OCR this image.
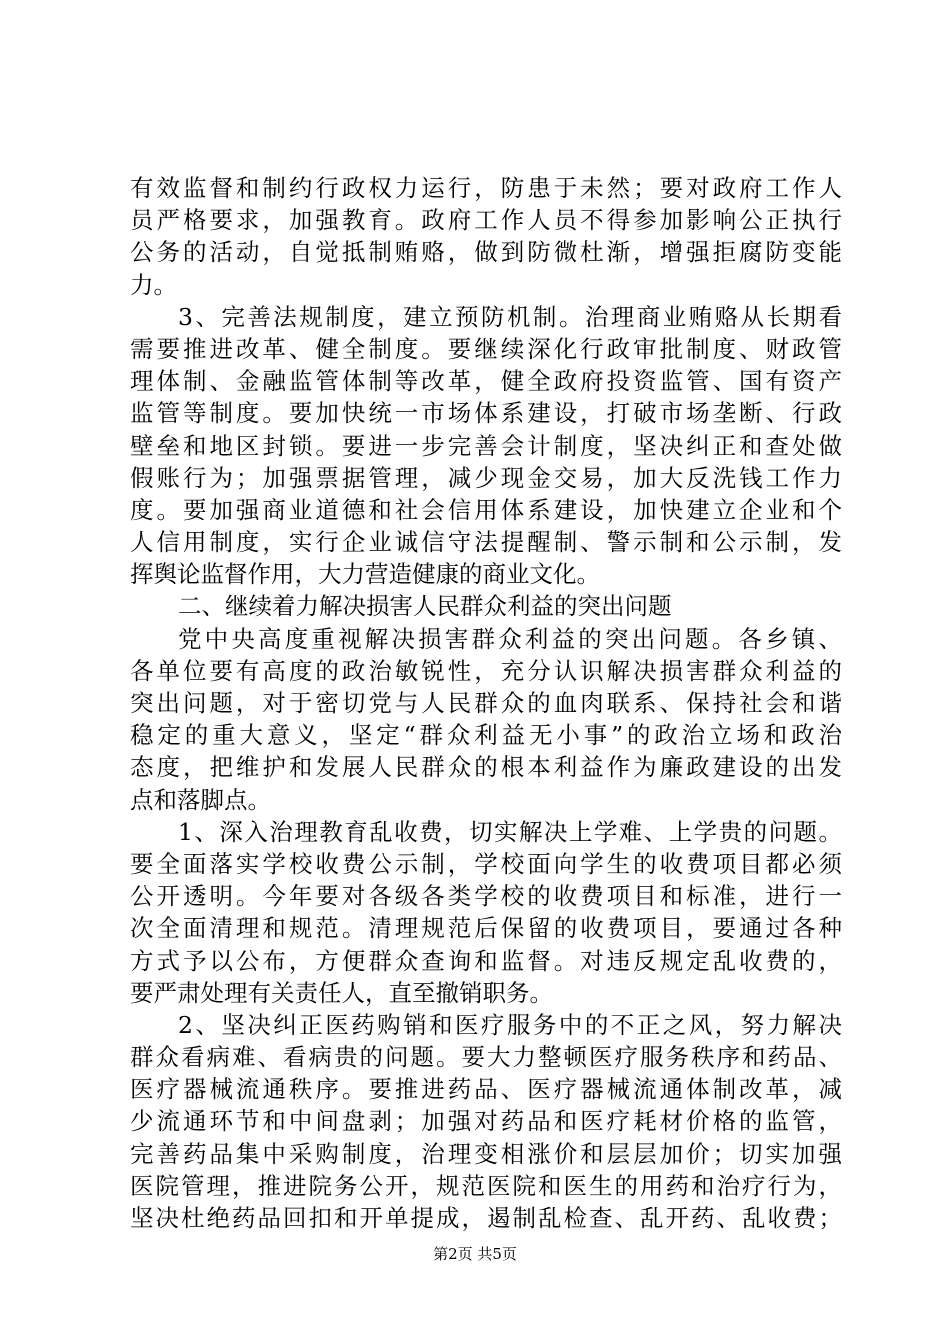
有效监督和制约行政权力运行，防患于未然；要对政府工作人
员严格要求，加强教育。政府工作人员不得参加影响公正执行
公务的活动，自觉抵制贿赂，做到防微杜渐，增强拒腐防变能
力。
3、完善法规制度，建立预防机制。治理商业贿赂从长期看
需要推进改革、健全制度。要继续深化行政审批制度、财政管
理体制、金融监管体制等改革，健全政府投资监管、国有资产
监管等制度。要加快统一市场体系建设，打破市场垄断、行政
壁垒和地区封锁。要进一步完善会计制度，坚决纠正和查处做
假账行为；加强票据管理，减少现金交易，加大反洗钱工作力
度。要加强商业道德和社会信用体系建设，加快建立企业和个
人信用制度，实行企业诚信守法提醒制、警示制和公示制，发
挥舆论监督作用，大力营造健康的商业文化。
二、继续着力解决损害人民群众利益的突出问题
党中央高度重视解决损害群众利益的突出问题。各乡镇、
各单位要有高度的政治敏锐性，充分认识解决损害群众利益的
突出问题，对于密切党与人民群众的血肉联系、保持社会和谐
稳定的重大意义，坚定“群众利益无小事”的政治立场和政治
态度，把维护和发展人民群众的根本利益作为廉政建设的出发
点和落脚点。
1、深入治理教育乱收费，切实解决上学难、上学贵的问题。
要全面落实学校收费公示制，学校面向学生的收费项目都必须
公开透明。今年要对各级各类学校的收费项目和标准，进行一
次全面清理和规范。清理规范后保留的收费项目，要通过各种
方式予以公布，方便群众查询和监督。对违反规定乱收费的，
要严肃处理有关责任人，直至撤销职务。
2、坚决纠正医药购销和医疗服务中的不正之风，努力解决
群众看病难、看病贵的问题。要大力整顿医疗服务秩序和药品、
医疗器械流通秩序。要推进药品、医疗器械流通体制改革，减
少流通环节和中间盘剥；加强对药品和医疗耗材价格的监管，
完善药品集中采购制度，治理变相涨价和层层加价；切实加强
医院管理，推进院务公开，规范医院和医生的用药和治疗行为，
坚决杜绝药品回扣和开单提成，遏制乱检查、乱开药、乱收费；
第2页 共5页
